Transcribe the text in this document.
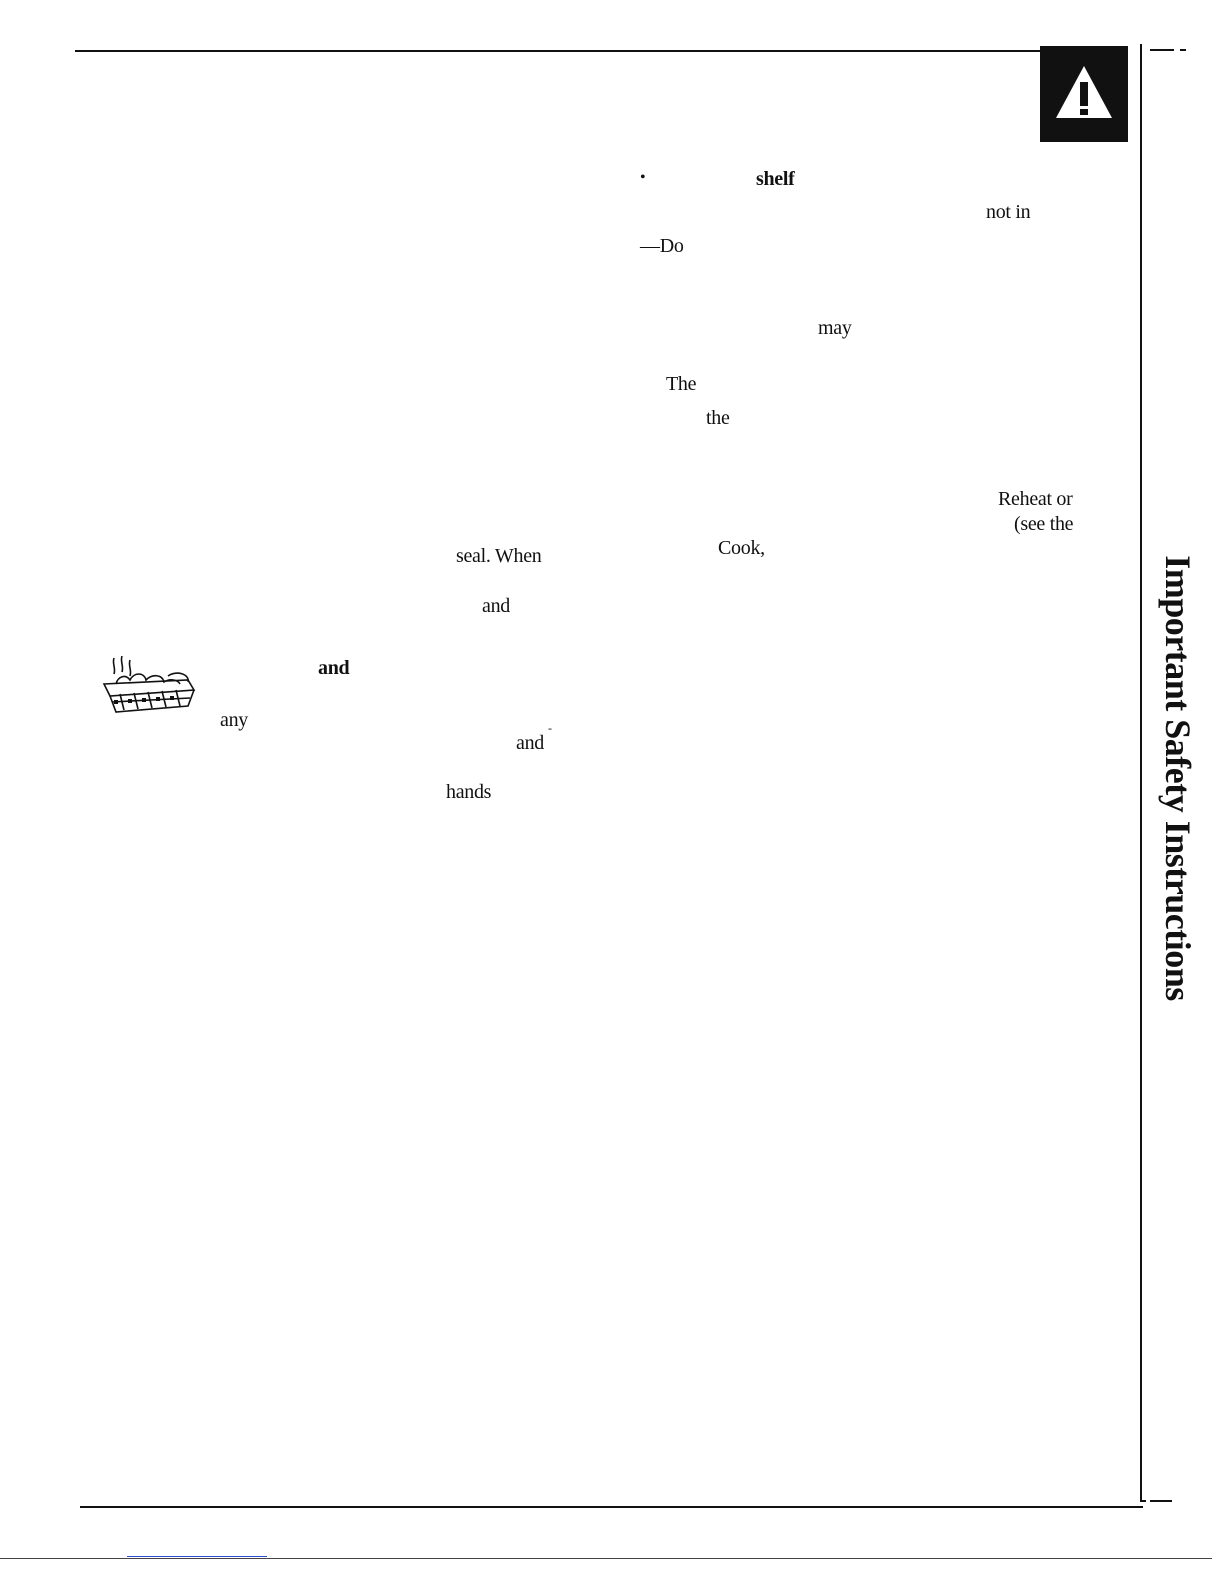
seal. When
and
and
any
and
-
hands
•	shelf
not in
—Do
may
The
the
Reheat or
(see the
Cook,
Important Safety Instructions
